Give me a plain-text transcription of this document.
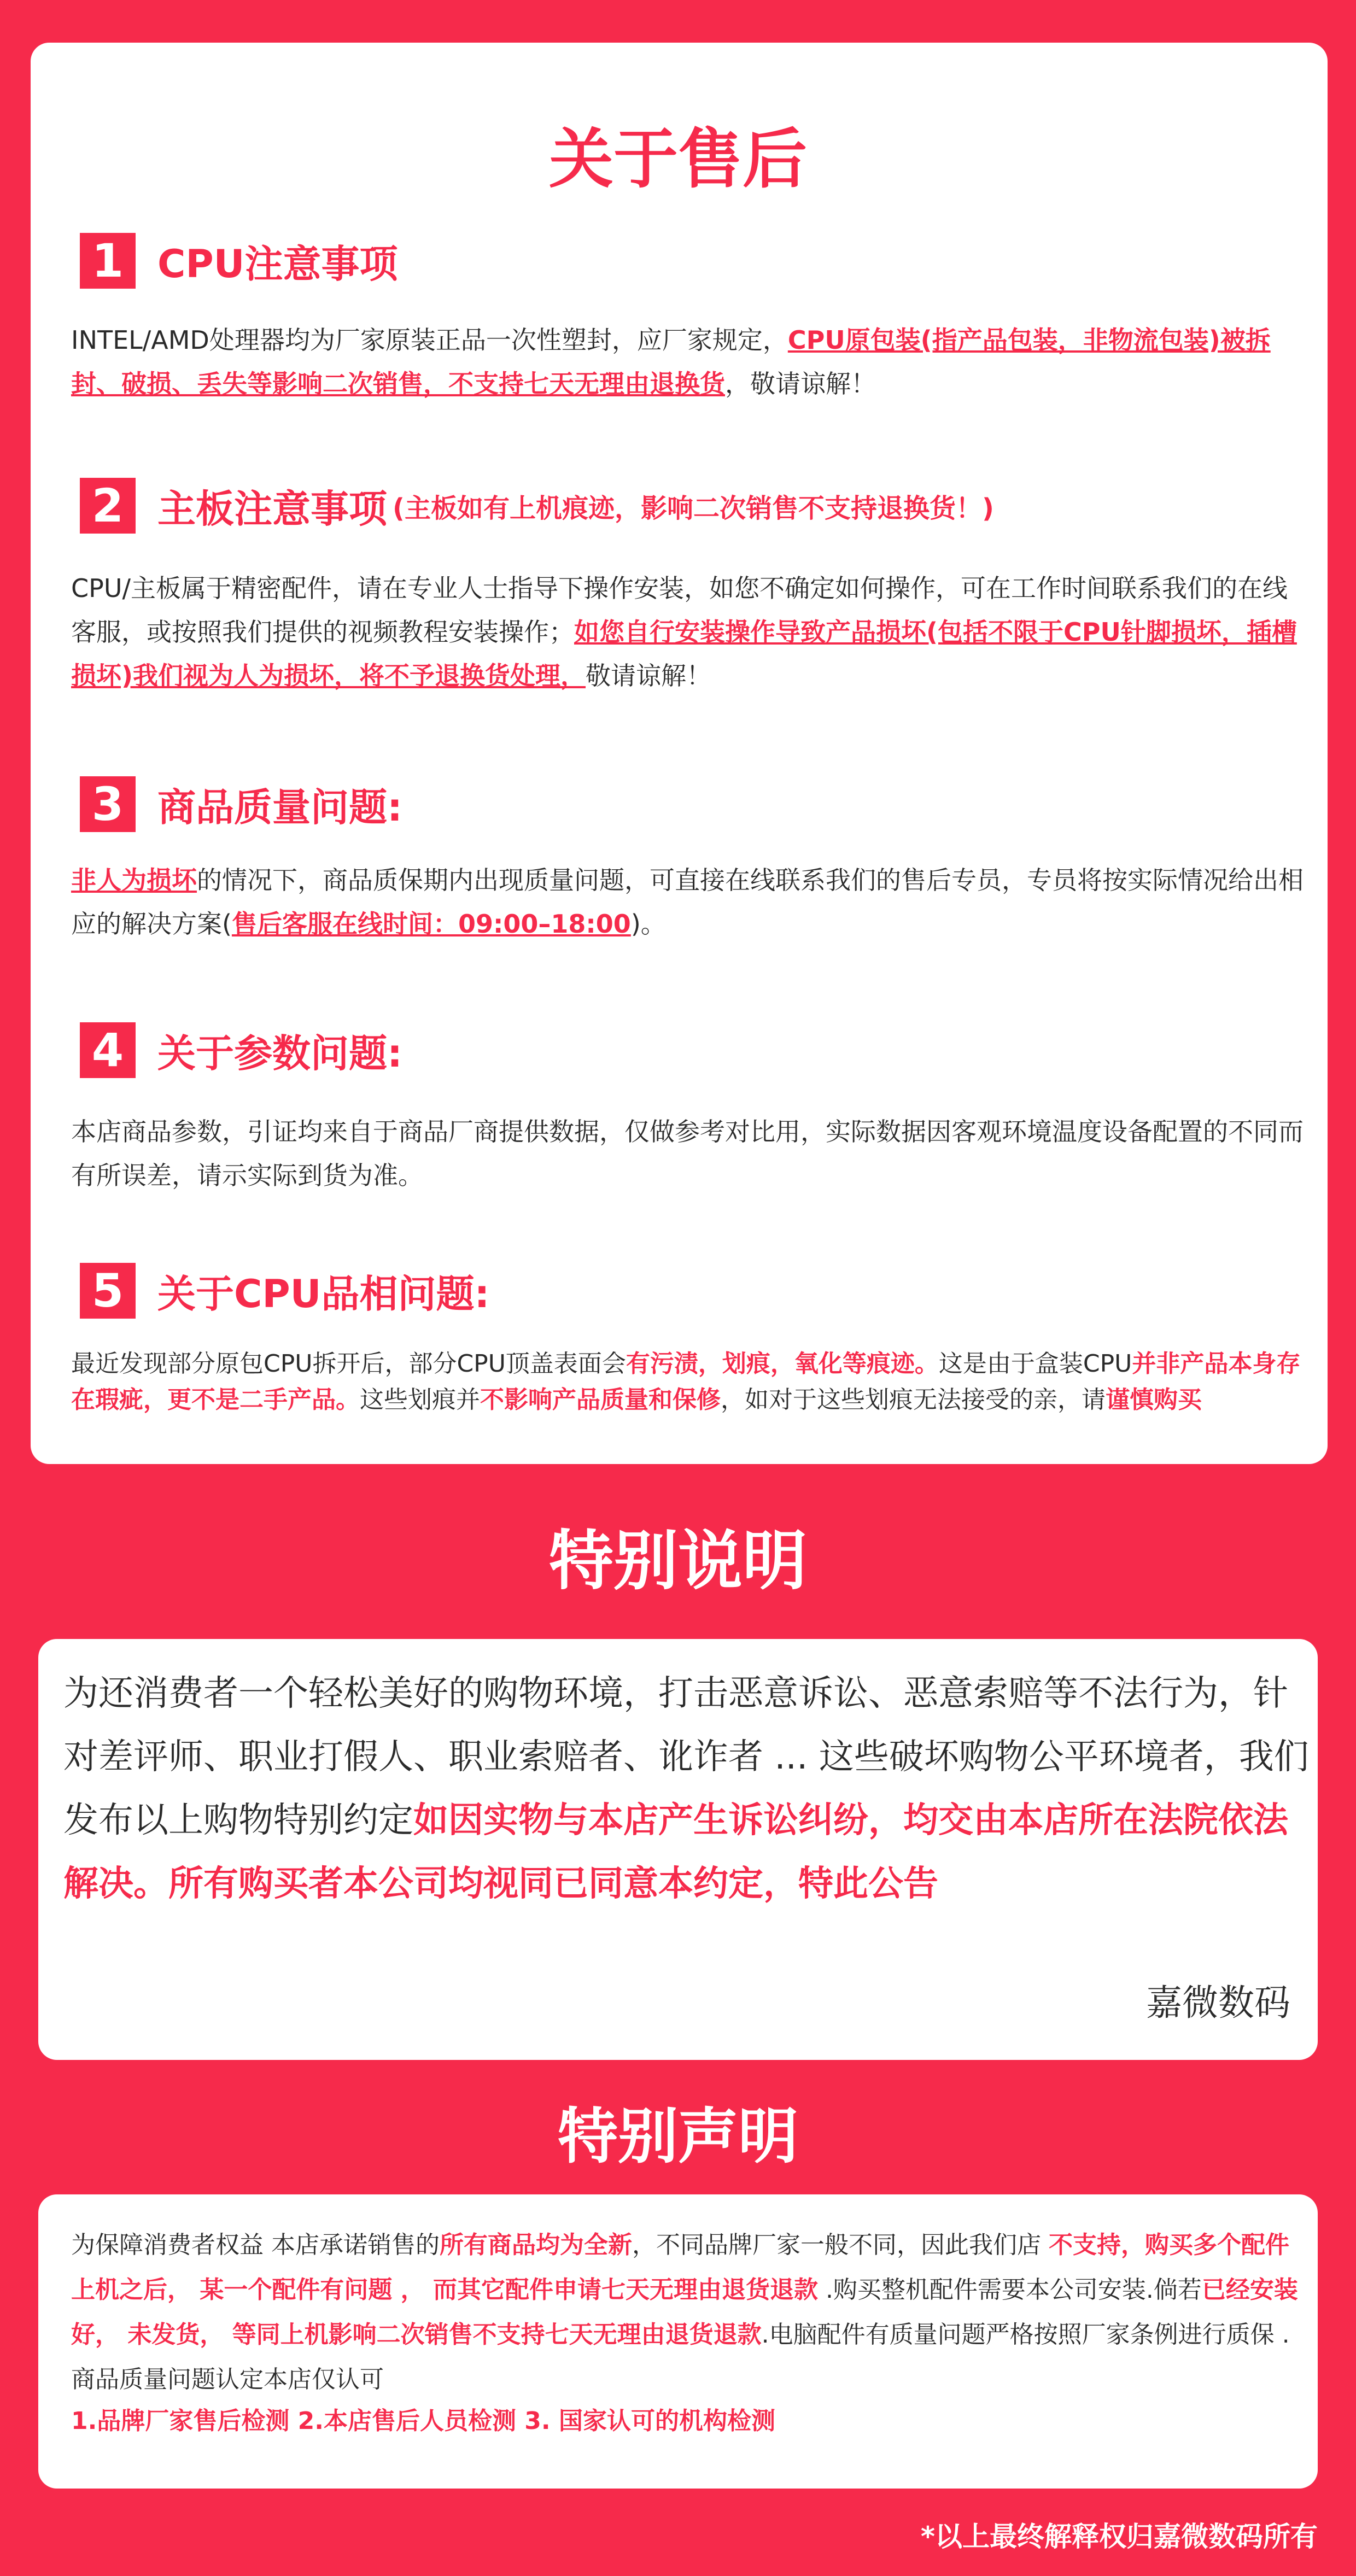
关于售后
1 CPU注意事项
INTEL/AMD处理器均为厂家原装正品一次性塑封，应厂家规定，CPU原包装(指产品包装，非物流包装)被拆封、破损、丢失等影响二次销售，不支持七天无理由退换货，敬请谅解！
2 主板注意事项 (主板如有上机痕迹，影响二次销售不支持退换货！)
CPU/主板属于精密配件，请在专业人士指导下操作安装，如您不确定如何操作，可在工作时间联系我们的在线客服，或按照我们提供的视频教程安装操作；如您自行安装操作导致产品损坏(包括不限于CPU针脚损坏，插槽损坏)我们视为人为损坏，将不予退换货处理，敬请谅解！
3 商品质量问题:
非人为损坏的情况下，商品质保期内出现质量问题，可直接在线联系我们的售后专员，专员将按实际情况给出相应的解决方案(售后客服在线时间：09:00–18:00)。
4 关于参数问题:
本店商品参数，引证均来自于商品厂商提供数据，仅做参考对比用，实际数据因客观环境温度设备配置的不同而有所误差，请示实际到货为准。
5 关于CPU品相问题:
最近发现部分原包CPU拆开后，部分CPU顶盖表面会有污渍，划痕，氧化等痕迹。这是由于盒装CPU并非产品本身存在瑕疵，更不是二手产品。这些划痕并不影响产品质量和保修，如对于这些划痕无法接受的亲，请谨慎购买
特别说明
为还消费者一个轻松美好的购物环境，打击恶意诉讼、恶意索赔等不法行为，针对差评师、职业打假人、职业索赔者、讹诈者 ... 这些破坏购物公平环境者，我们发布以上购物特别约定如因实物与本店产生诉讼纠纷，均交由本店所在法院依法解决。所有购买者本公司均视同已同意本约定，特此公告
嘉微数码
特别声明
为保障消费者权益 本店承诺销售的所有商品均为全新，不同品牌厂家一般不同，因此我们店 不支持，购买多个配件上机之后， 某一个配件有问题 ， 而其它配件申请七天无理由退货退款 .购买整机配件需要本公司安装.倘若已经安装好， 未发货， 等同上机影响二次销售不支持七天无理由退货退款.电脑配件有质量问题严格按照厂家条例进行质保 .商品质量问题认定本店仅认可
1.品牌厂家售后检测 2.本店售后人员检测 3. 国家认可的机构检测
*以上最终解释权归嘉微数码所有
